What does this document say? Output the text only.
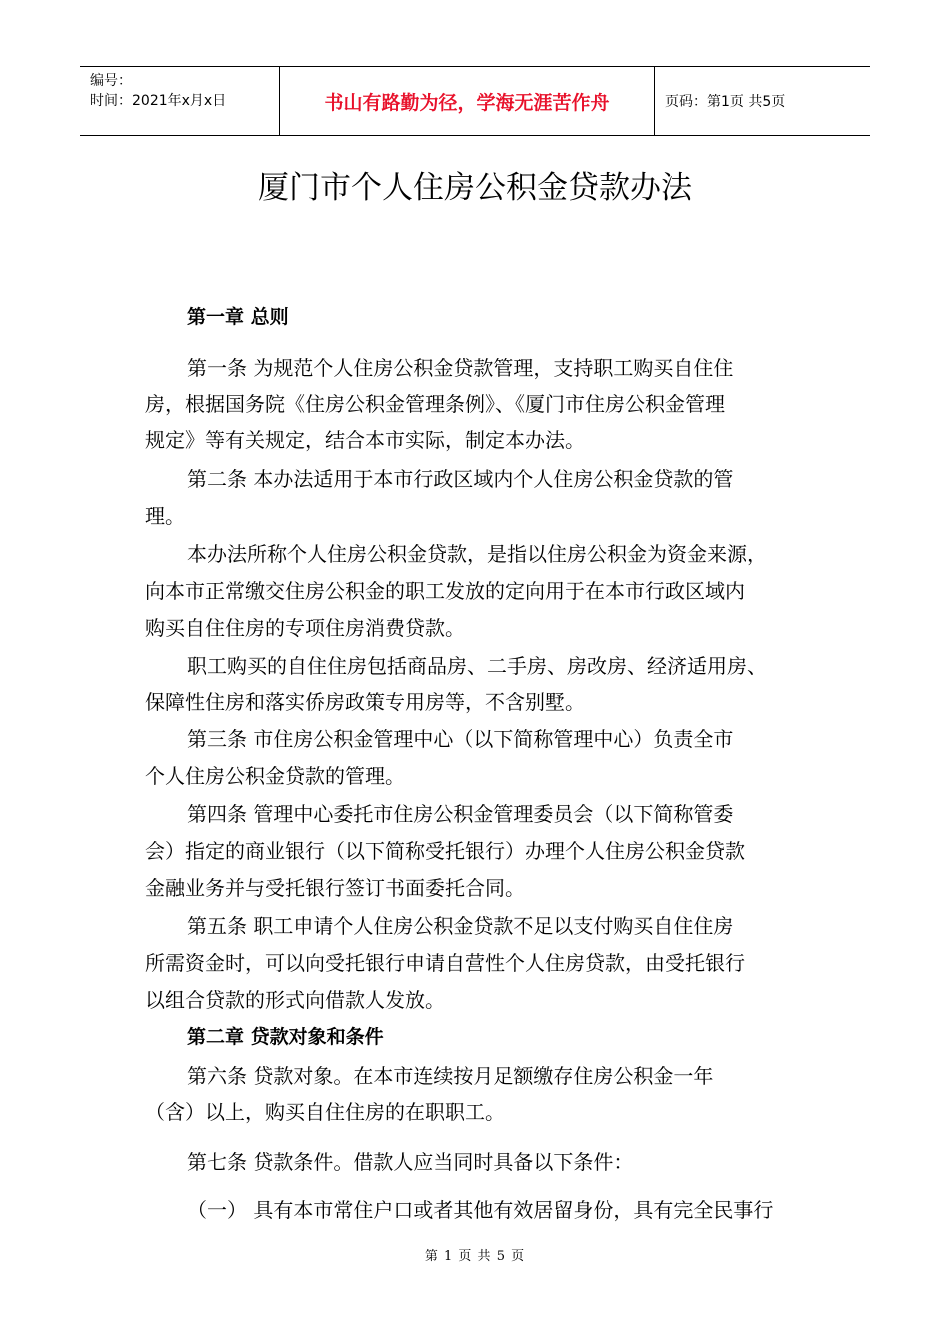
编号：
时间：2021年x月x日	书山有路勤为径，学海无涯苦作舟	页码：第1页 共5页
厦门市个人住房公积金贷款办法
第一章 总则
第一条 为规范个人住房公积金贷款管理，支持职工购买自住住
房，根据国务院《住房公积金管理条例》、《厦门市住房公积金管理
规定》等有关规定，结合本市实际，制定本办法。
第二条 本办法适用于本市行政区域内个人住房公积金贷款的管
理。
本办法所称个人住房公积金贷款，是指以住房公积金为资金来源，
向本市正常缴交住房公积金的职工发放的定向用于在本市行政区域内
购买自住住房的专项住房消费贷款。
职工购买的自住住房包括商品房、二手房、房改房、经济适用房、
保障性住房和落实侨房政策专用房等，不含别墅。
第三条 市住房公积金管理中心（以下简称管理中心）负责全市
个人住房公积金贷款的管理。
第四条 管理中心委托市住房公积金管理委员会（以下简称管委
会）指定的商业银行（以下简称受托银行）办理个人住房公积金贷款
金融业务并与受托银行签订书面委托合同。
第五条 职工申请个人住房公积金贷款不足以支付购买自住住房
所需资金时，可以向受托银行申请自营性个人住房贷款，由受托银行
以组合贷款的形式向借款人发放。
第二章 贷款对象和条件
第六条 贷款对象。在本市连续按月足额缴存住房公积金一年
（含）以上，购买自住住房的在职职工。
第七条 贷款条件。借款人应当同时具备以下条件：
（一） 具有本市常住户口或者其他有效居留身份，具有完全民事行
第 1 页 共 5 页
